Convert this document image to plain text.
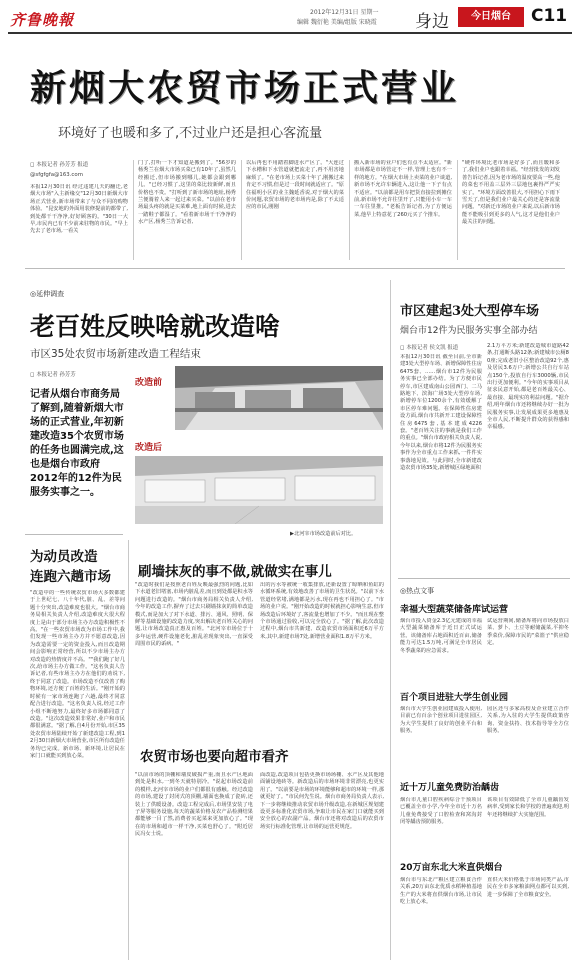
齐鲁晚報	2012年12月31日 星期一
编辑 魏衍艳 美编/组版 宋晓霞 身边	今日烟台	C11
新烟大农贸市场正式营业
环境好了也暖和多了,不过业户还是担心客流量
◻ 本报记者 孙芳芳 报道
@sfgfgfa@163.com
本报12月30日讯 经过违建几天的翻迁,老烟大市场"入主新缘交"12月30日新烟大市场正式营业,新市场带来了与众不同的购物体验。"昆安地的外面用装修提前的都带了,到处都干干净净,好好顾客的。"30日一大早,市民内已有不少前来驻物的市民。"早上先去了老市场,一看关
门了,打听一下才知道是搬到了。"56岁的杨秀兰在烟大市场买菜已有10年了,虽然几经搬迁,但市场搬到哪儿,她都会跟到哪儿。"已经习惯了,这里的菜比较新鲜,而且价格也不贵。"打听到了新市场的地址,杨秀兰便骑着人来一起过来买菜。"以前在老市场最头疼的就是买菜难,地上面有时候,进去一踏鞋子都湿了。"看着新市场干干净净的水产区,杨秀兰告诉记者,
以后再也不用踏着脚进水产区了。"大连过下水槽和下水管道就把流走了,再不用害地麻烦了。"在老市场上买菜十年了,刚搬过来肯定不习惯,但是过一段时间就适应了。"原住福明小区的业主魏延香说,对于烟大的菜价问题,农贸市场的老市场内是,除了不太适应的市民,刚刚
搬入新市场的业户们也有点不太适应。"新市场都是市场管定不一样,管理上也有不一样的地方。"在烟大市场上卖菜的业户谈道,新市场不允许车辆进入,这让他一下子有点不适应。"以前都是用车把货直接拉到摊位前,新市场不允许往里开了,只能用小车一车一车往里推。"老板告诉记者,为了方便运菜,他早上特意花了260元买了个推车。
"硬件环境比老市场是好多了,而且暖和多了,我们业户也跟着幸福。"经营批发的刘发善告诉记者,因为老市场的温度要高一些,他的菜也不用盖三层外三层地包裹得严严实实了。"环境方面改善很大,不用担心下雨下雪天了,但是我们业户最关心的还是客流量问题。"对新迁市场的业户来说,以后新市场能不能吸引到更多的人气,这才是他们业户最关注的问题。
◎延伸调查
老百姓反映啥就改造啥
市区35处农贸市场新建改造工程结束
◻ 本报记者 孙芳芳
记者从烟台市商务局了解到,随着新烟大市场的正式营业,年初新建改造35个农贸市场的任务也圆满完成,这也是烟台市政府2012年的12件为民服务实事之一。
改造前
改造后
▶北河宰市场改造前后对比。
为动员改造
连跑六趟市场
"改造中的一些传统农贸市场大多数都建于上世纪七、八十年代,脏、乱、差等问题十分突出,改造难度也很大。"烟台市商务局相关负责人介绍,改造难度大很大程度上是由于部分市场主办方改造积极性不高。"在一些农贸市场改为市场工作中,我们发现一些市场主办方并不愿意改造,因为改造需要一定的资金投入,而且改造期间会影响正常经营,所以不少市场主办方对改造的热情度并不高。""我们跑了好几次,给市场主办方做工作。"这名负责人告诉记者,有些市场主办方在他们的劝说下,终于同意了改造。市场改造不仅改善了购物环境,还方便了百姓的生活。"刚开始的时候有一家市场连跑了六趟,最终才同意配合进行改造。"这名负责人说,经过工作小组不断地努力,最终好多市场都同意了改造。"这次改造效果非常好,业户和市民都很满意。"据了解,自4月份开始,市区35处农贸市场陆续开始了新建改造工程,到12月30日新烟大市场营业,市区所有改造任务均已完成。新市场、新环境,让居民在家门口就能买到放心菜。
刷墙抹灰的事不做,就做实在事儿
"改造时我们是按照老百姓反映最强烈的问题,比如下水道老旧堵塞,市场内脏乱差,而且到处都是积水等问题进行改造的。"烟台市商务局相关负责人介绍,今年的改造工作,摒弃了过去只刷墙抹灰的简单改造模式,而是加大了对下水道、排污、通风、照明、保鲜等基础设施的改造力度,突出解决老百姓关心的问题,让市场改造真正惠及百姓。"北河宰市场位于十多年运营,硬件设施老化,脏乱差现象突出,一直深受周围市民的诟病。"
出的污水等被统一收集排放,还新设置了晾晒和鱼缸的水循环系统,有效地改善了市场的卫生状况。"以前下水管道经常堵,满地都是污水,现在再也不用担心了。"市场的业户说。"刚开始改造的时候就担心影响生意,但市场改造后环境好了,客流量也增加了不少。"而且现在整个市场通过验收,可以完全放心了。"据了解,此次改造过程中,烟台市共新建、改造农贸市场面积近6万平方米,其中,新建市场7处,新增营业面积1.8万平方米。
农贸市场也要向超市看齐
"以前市场的顶棚和墙皮破损严重,而且水产区地面到处是积水,一到冬天就特别冷。"说起市场改造前的模样,北河宰市场的业户们都很有感触。经过改造的市场,建设了封闭式的顶棚,墙面也换成了瓷砖,还装上了供暖设备。改造工程完成后,市场里安装了电子屏等服务设施,每天的蔬菜价格及农产品检测结果都能够一目了然,消费者买起菜来更加放心了。"现在的市场和超市一样干净,买菜也舒心了。"附近居民冯女士说。
面改造,改造项目包括更换市场场棚、水产区及其他地面铺设地砖等。新改造后的市场环境非常漂亮,也更实用了。"以前要是市场的环境能够和超市的环境一样,那就更好了。"市民何先生说。烟台市商务局负责人表示,下一步将继续推动农贸市场升级改造,在新城区规划建设更多标准化农贸市场,争取让市民在家门口就能买到安全放心的农副产品。烟台市还将对改造后的农贸市场实行标准化管理,让市场的运营更规范。
市区建起3处大型停车场
烟台市12件为民服务实事全部办结
◻ 本报记者 侯文凯 报道
本报12月30日讯 截至目前,全市新建3处大型停车场、新增保障性住房6475套、……烟台市12件为民服务实事已全部办结。为了方便市民停车,市区建成南山公园西门、二马路地下、滨海广场3处大型停车场,新增停车位1200余个,有效缓解了市区停车难问题。在保障性住房建设方面,烟台市共新开工建设保障性住房6475套,基本建成4226套。"老百姓关注的事就是我们工作的重点。"烟台市政府相关负责人说,今年以来,烟台市将12件为民服务实事作为全市重点工作来抓,一件件实事落地见效。与此同时,全市新建改造农贸市场35处,新增城区绿地面积
2.1万平方米;新建改造城市道路42条,打通断头路12条;新建城市公厕80座;完成老旧小区整治改造92个,惠及居民3.6万户;新增公共自行车站点150个,投放自行车3000辆,市民出行更加便利。"今年的实事项目从征求民意开始,都是老百姓最关心、最直接、最现实的利益问题。"据介绍,明年烟台市还将继续办好一批为民服务实事,让发展成果更多地惠及全市人民,不断提升群众的获得感和幸福感。
◎热点文事
幸福大型蔬菜储备库试运营
烟台市投入资金2.3亿元建成的幸福大型蔬菜储备库于近日正式试运营。该储备库占地面积近百亩,储备能力可达1.5万吨,可满足全市居民冬季蔬菜的应急需求。
试运营期间,储备库将向市场投放白菜、萝卜、土豆等耐储蔬菜,平抑冬季菜价,保障市民的"菜篮子"供应稳定。
百个项目进驻大学生创业园
烟台市大学生创业园建成投入使用,目前已有百余个创业项目进驻园区,为大学生提供了良好的创业平台和服务。
园区还与多家高校及企业建立合作关系,为入驻的大学生提供政策咨询、资金扶持、技术指导等全方位服务。
近十万儿童免费防治龋齿
烟台市儿童口腔疾病综合干预项目已覆盖全市小学,今年全市近十万名儿童免费接受了口腔检查和窝沟封闭等龋齿预防服务。
该项目有效降低了全市儿童龋齿发病率,受到家长和学校的普遍欢迎,明年还将继续扩大实施范围。
20万亩东北大米直供烟台
烟台市与东北产粮区建立粮食合作关系,20万亩东北优质水稻种植基地生产的大米将直供烟台市场,让市民吃上放心米。
直供大米价格低于市场同类产品,市民在全市多家粮油网点都可以买到,进一步保障了全市粮食安全。
